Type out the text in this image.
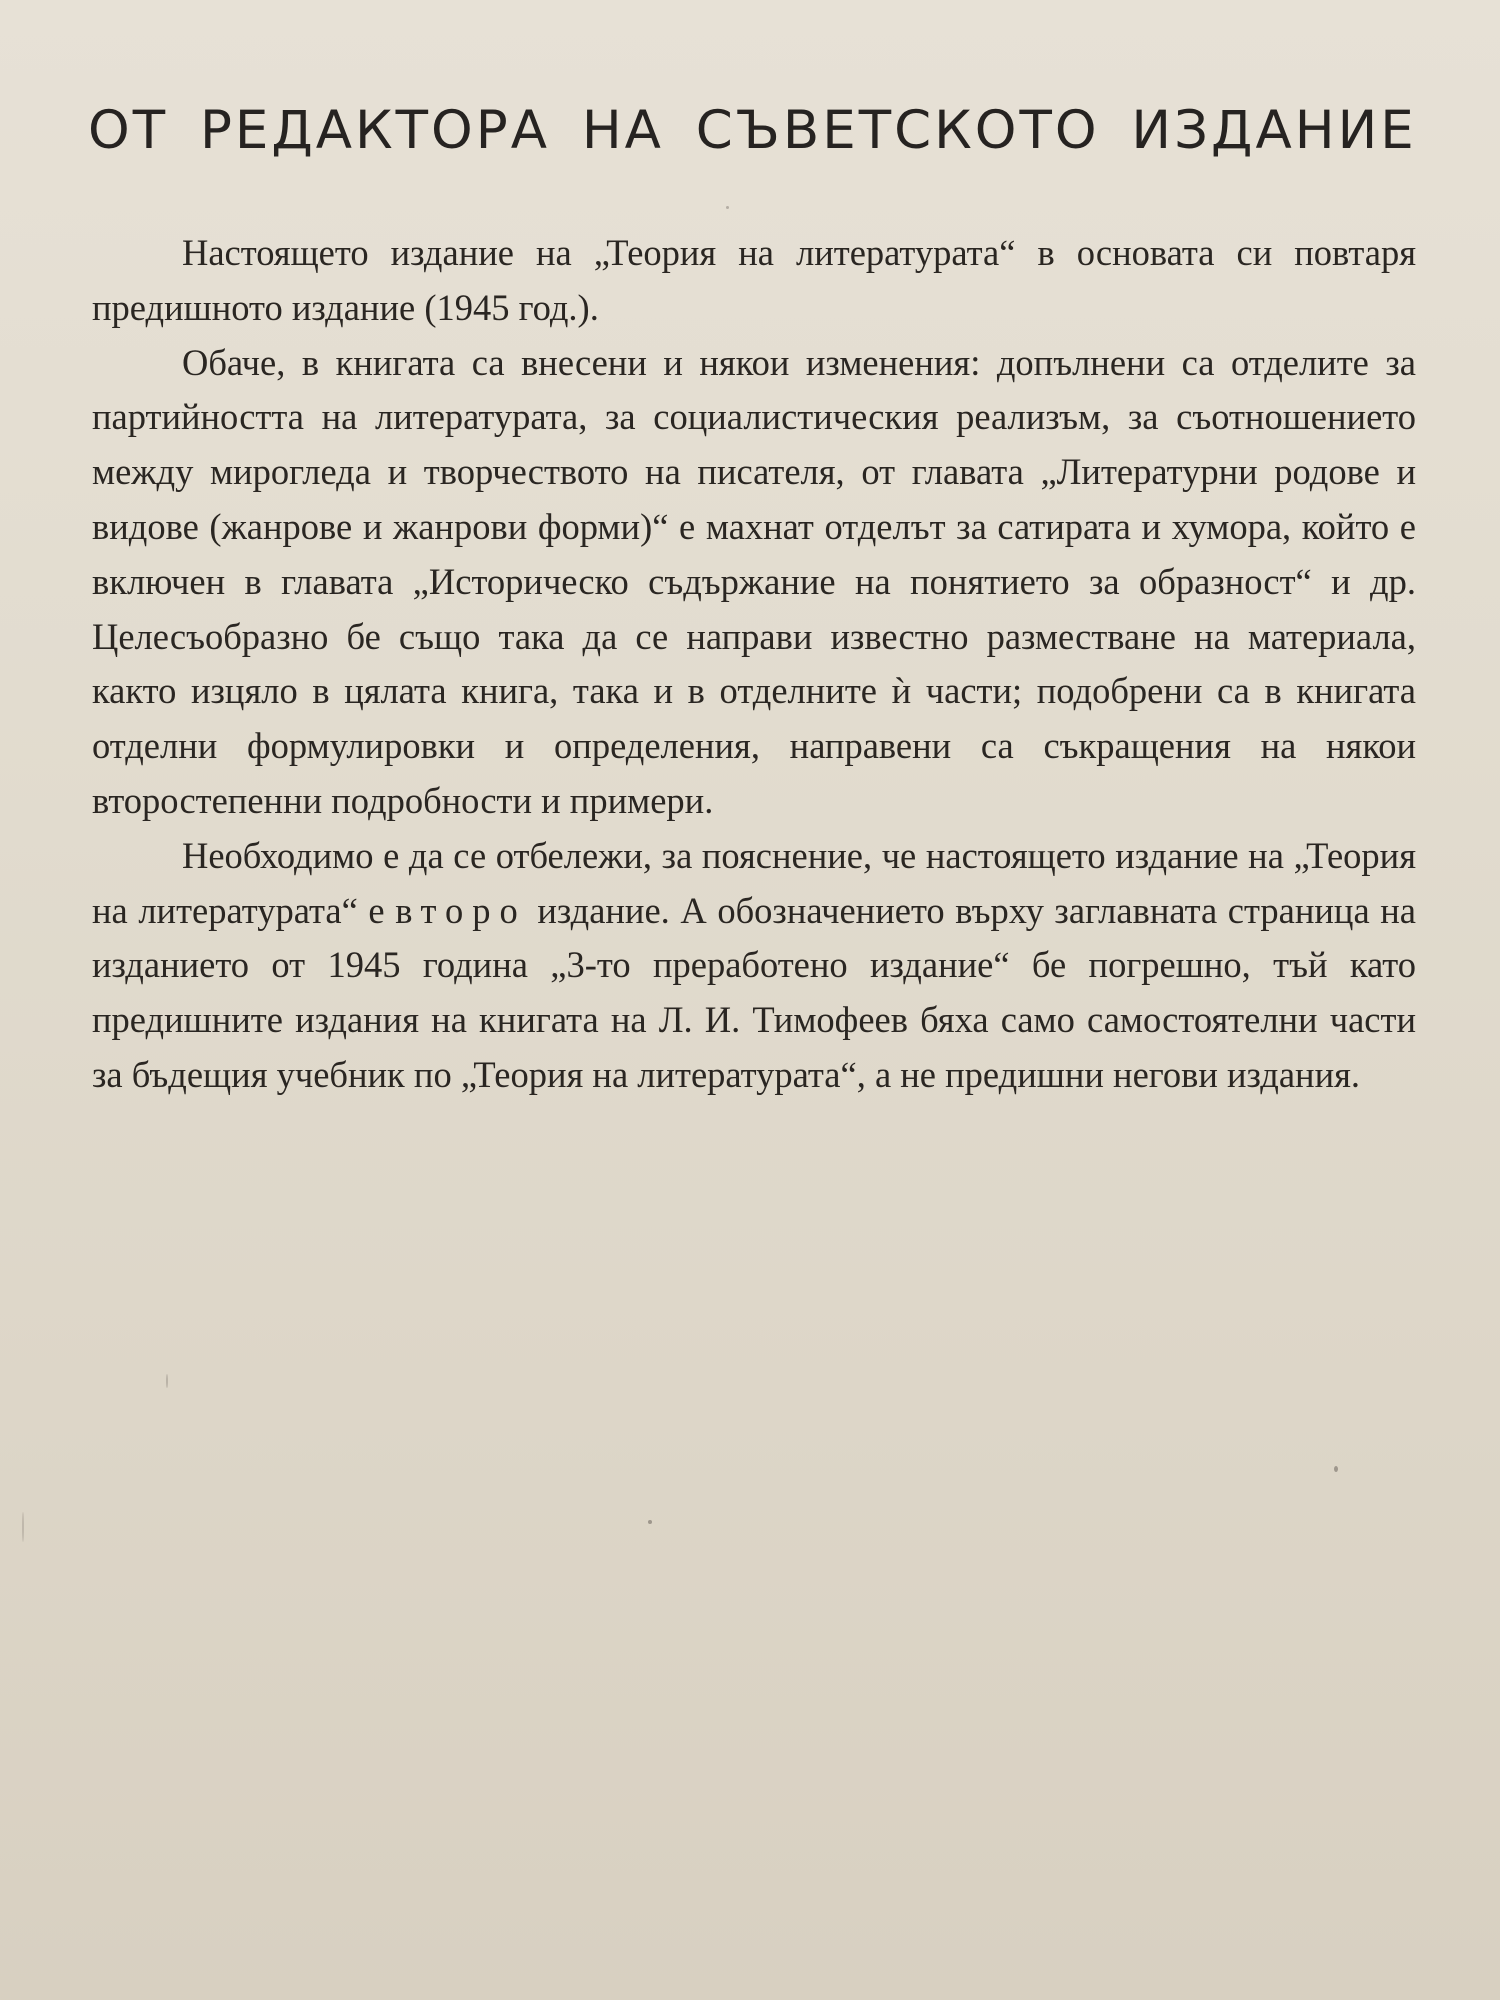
ОТ РЕДАКТОРА НА СЪВЕТСКОТО ИЗДАНИЕ

Настоящето издание на „Теория на литературата“ в основата си повтаря предишното издание (1945 год.).

Обаче, в книгата са внесени и някои изменения: допълнени са отделите за партийността на литературата, за социалистическия реализъм, за съотношението между мирогледа и творчеството на писателя, от главата „Литературни родове и видове (жанрове и жанрови форми)“ е махнат отделът за сатирата и хумора, който е включен в главата „Историческо съдържание на понятието за образност“ и др. Целесъобразно бе също така да се направи известно разместване на материала, както изцяло в цялата книга, така и в отделните ѝ части; подобрени са в книгата отделни формулировки и определения, направени са съкращения на някои второстепенни подробности и примери.

Необходимо е да се отбележи, за пояснение, че настоящето издание на „Теория на литературата“ е второ издание. А обозначението върху заглавната страница на изданието от 1945 година „3-то преработено издание“ бе погрешно, тъй като предишните издания на книгата на Л. И. Тимофеев бяха само самостоятелни части за бъдещия учебник по „Теория на литературата“, а не предишни негови издания.
